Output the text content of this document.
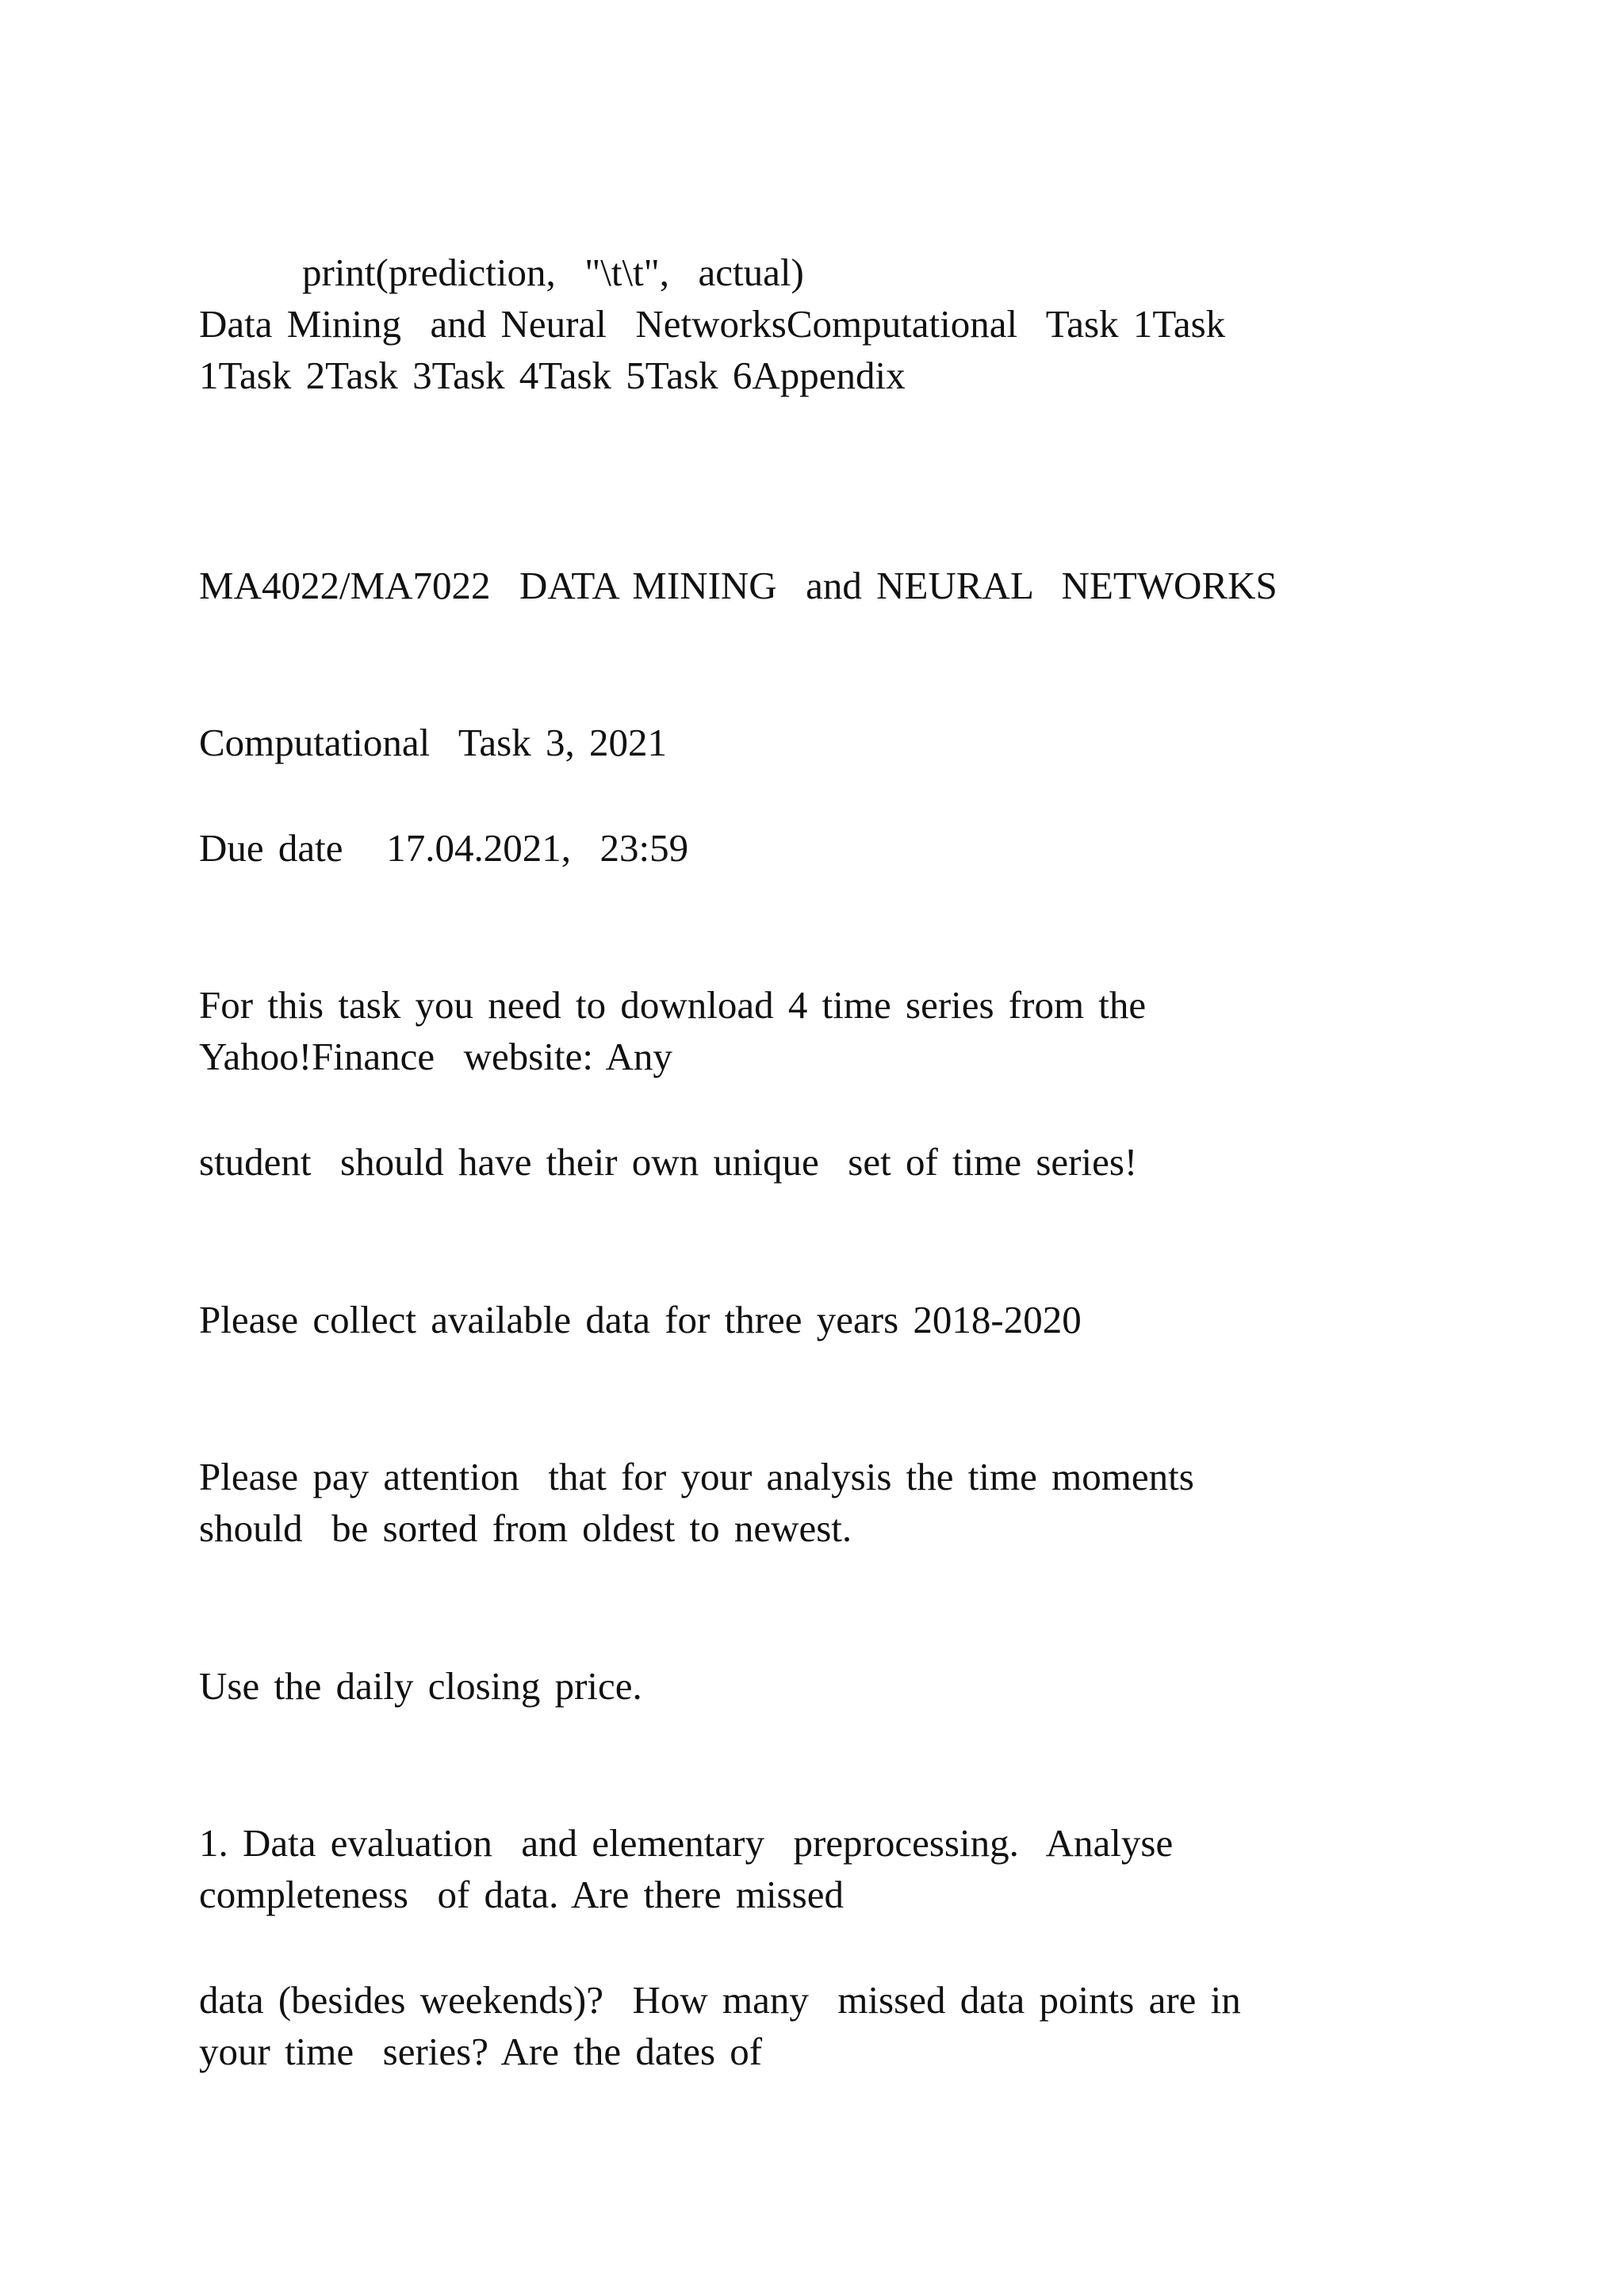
print(prediction,  "\t\t",  actual)

Data Mining  and Neural  NetworksComputational  Task 1Task

1Task 2Task 3Task 4Task 5Task 6Appendix

MA4022/MA7022  DATA MINING  and NEURAL  NETWORKS

Computational  Task 3, 2021

Due date   17.04.2021,  23:59

For this task you need to download 4 time series from the

Yahoo!Finance  website: Any

student  should have their own unique  set of time series!

Please collect available data for three years 2018-2020

Please pay attention  that for your analysis the time moments

should  be sorted from oldest to newest.

Use the daily closing price.

1. Data evaluation  and elementary  preprocessing.  Analyse

completeness  of data. Are there missed

data (besides weekends)?  How many  missed data points are in

your time  series? Are the dates of
